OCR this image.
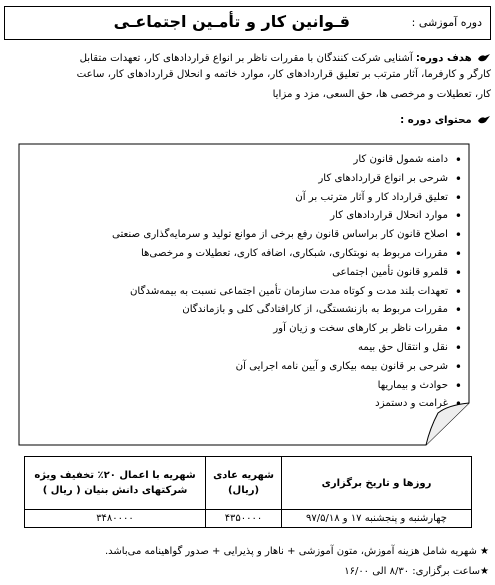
دوره آموزشی :
قـوانین کار و تأمـین اجتماعـی
هدف دوره: آشنایی شرکت کنندگان با مقررات ناظر بر انواع قراردادهای کار، تعهدات متقابل
کارگر و کارفرما، آثار مترتب بر تعلیق قراردادهای کار، موارد خاتمه و انحلال قراردادهای کار، ساعت
کار، تعطیلات و مرخصی ها، حق السعی، مزد و مزایا
محتوای دوره :
• دامنه شمول قانون کار
• شرحی بر انواع قراردادهای کار
• تعلیق قرارداد کار و آثار مترتب بر آن
• موارد انحلال قراردادهای کار
• اصلاح قانون کار براساس قانون رفع برخی از موانع تولید و سرمایه‌گذاری صنعتی
• مقررات مربوط به نوبتکاری، شبکاری، اضافه کاری، تعطیلات و مرخصی‌ها
• قلمرو قانون تأمین اجتماعی
• تعهدات بلند مدت و کوتاه مدت سازمان تأمین اجتماعی نسبت به بیمه‌شدگان
• مقررات مربوط به بازنشستگی، از کارافتادگی کلی و بازماندگان
• مقررات ناظر بر کارهای سخت و زیان آور
• نقل و انتقال حق بیمه
• شرحی بر قانون بیمه بیکاری و آیین نامه اجرایی آن
• حوادث و بیماریها
• غرامت و دستمزد
روزها و تاریخ برگزاری	شهریه عادی (ریال)	شهریه با اعمال ۲۰٪ تخفیف ویژه
شرکتهای دانش بنیان ( ریال )
چهارشنبه و پنجشنبه ۱۷ و ۹۷/۵/۱۸	۴۳۵۰۰۰۰	۳۴۸۰۰۰۰
★ شهریه شامل هزینه آموزش، متون آموزشی + ناهار و پذیرایی + صدور گواهینامه می‌باشد.
★ساعت برگزاری: ۸/۳۰ الی ۱۶/۰۰
